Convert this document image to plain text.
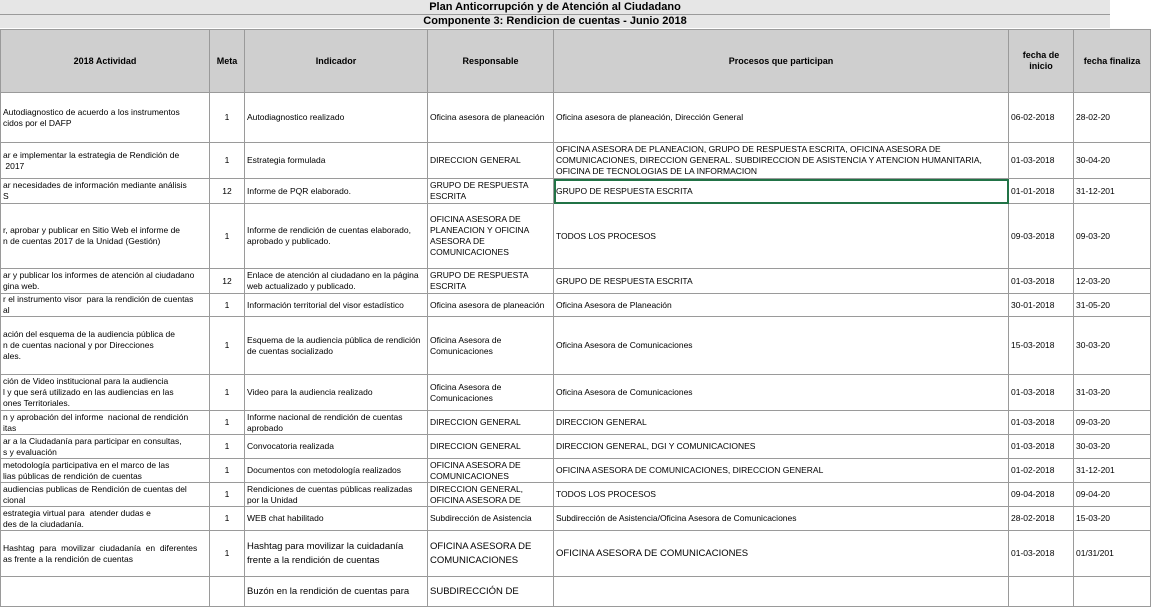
Plan Anticorrupción y de Atención al Ciudadano
Componente 3: Rendicion de cuentas - Junio 2018
2018 Actividad	Meta	Indicador	Responsable	Procesos que participan	fecha de inicio	fecha finaliza
Autodiagnostico de acuerdo a los instrumentos
cidos por el DAFP	1	Autodiagnostico realizado	Oficina asesora de planeación	Oficina asesora de planeación, Dirección General	06-02-2018	28-02-20
ar e implementar la estrategia de Rendición de
2017	1	Estrategia formulada	DIRECCION GENERAL	OFICINA ASESORA DE PLANEACION, GRUPO DE RESPUESTA ESCRITA, OFICINA ASESORA DE COMUNICACIONES, DIRECCION GENERAL. SUBDIRECCION DE ASISTENCIA Y ATENCION HUMANITARIA, OFICINA DE TECNOLOGIAS DE LA INFORMACION	01-03-2018	30-04-20
ar necesidades de información mediante análisis
S	12	Informe de PQR elaborado.	GRUPO DE RESPUESTA ESCRITA	GRUPO DE RESPUESTA ESCRITA	01-01-2018	31-12-201
r, aprobar y publicar en Sitio Web el informe de
n de cuentas 2017 de la Unidad (Gestión)	1	Informe de rendición de cuentas elaborado, aprobado y publicado.	OFICINA ASESORA DE PLANEACION Y OFICINA ASESORA DE COMUNICACIONES	TODOS LOS PROCESOS	09-03-2018	09-03-20
ar y publicar los informes de atención al ciudadano
gina web.	12	Enlace de atención al ciudadano en la página web actualizado y publicado.	GRUPO DE RESPUESTA ESCRITA	GRUPO DE RESPUESTA ESCRITA	01-03-2018	12-03-20
r el instrumento visor  para la rendición de cuentas
al	1	Información territorial del visor estadístico	Oficina asesora de planeación	Oficina Asesora de Planeación	30-01-2018	31-05-20
ación del esquema de la audiencia pública de
n de cuentas nacional y por Direcciones
ales.	1	Esquema de la audiencia pública de rendición de cuentas socializado	Oficina Asesora de Comunicaciones	Oficina Asesora de Comunicaciones	15-03-2018	30-03-20
ción de Video institucional para la audiencia
l y que será utilizado en las audiencias en las
ones Territoriales.	1	Video para la audiencia realizado	Oficina Asesora de Comunicaciones	Oficina Asesora de Comunicaciones	01-03-2018	31-03-20
n y aprobación del informe  nacional de rendición
itas	1	Informe nacional de rendición de cuentas aprobado	DIRECCION GENERAL	DIRECCION GENERAL	01-03-2018	09-03-20
ar a la Ciudadanía para participar en consultas,
s y evaluación	1	Convocatoria realizada	DIRECCION GENERAL	DIRECCION GENERAL, DGI Y COMUNICACIONES	01-03-2018	30-03-20
metodología participativa en el marco de las
lias públicas de rendición de cuentas	1	Documentos con metodología realizados	OFICINA ASESORA DE COMUNICACIONES	OFICINA ASESORA DE COMUNICACIONES, DIRECCION GENERAL	01-02-2018	31-12-201
audiencias publicas de Rendición de cuentas del
cional	1	Rendiciones de cuentas públicas realizadas por la Unidad	DIRECCION GENERAL, OFICINA ASESORA DE	TODOS LOS PROCESOS	09-04-2018	09-04-20
estrategia virtual para  atender dudas e
des de la ciudadanía.	1	WEB chat habilitado	Subdirección de Asistencia	Subdirección de Asistencia/Oficina Asesora de Comunicaciones	28-02-2018	15-03-20
Hashtag  para  movilizar  ciudadanía  en  diferentes
as frente a la rendición de cuentas	1	Hashtag para movilizar la cuidadanía frente a la rendición de cuentas	OFICINA ASESORA DE COMUNICACIONES	OFICINA ASESORA DE COMUNICACIONES	01-03-2018	01/31/201
		Buzón en la rendición de cuentas para	SUBDIRECCIÓN DE			
